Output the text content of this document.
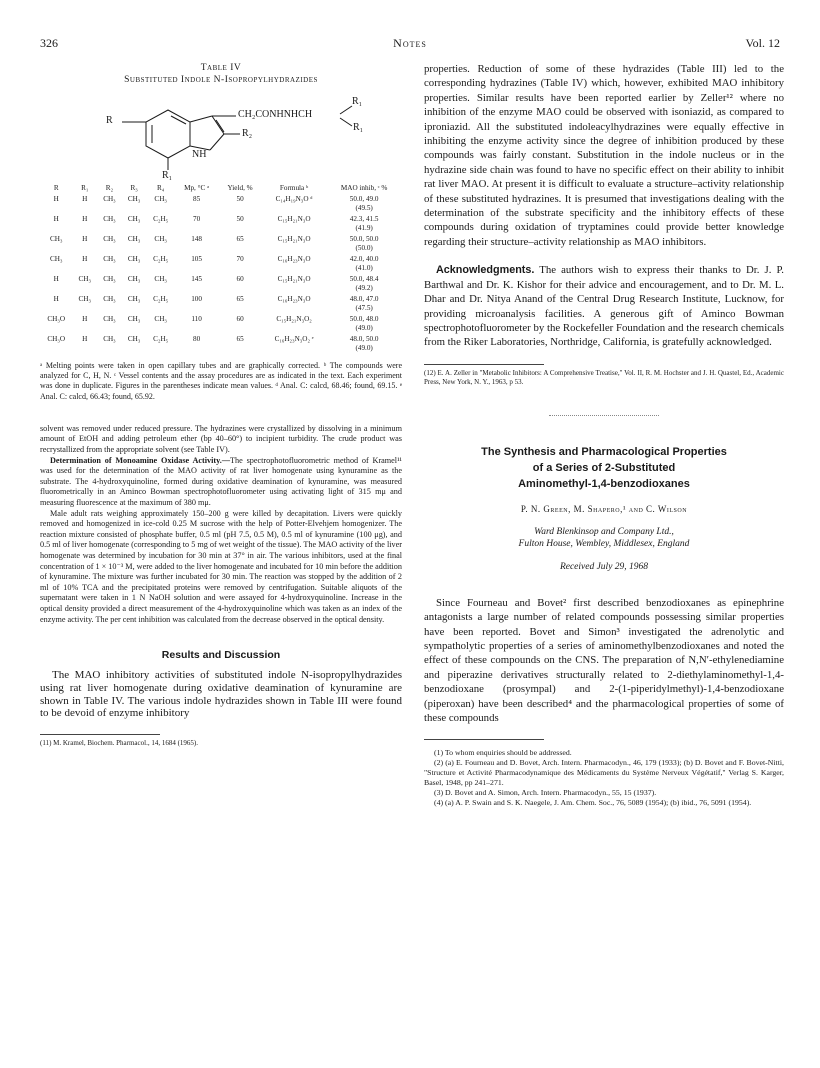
326	Notes	Vol. 12
Table IV
Substituted Indole N-Isopropylhydrazides
R
CH₂CONHNHCH
R₁
R₁
R₂
NH
R₁
R	R₁	R₂	R₃	R₄	Mp, °C ᵃ	Yield, %	Formula ᵇ	MAO inhib, ᶜ %
H	H	CH₃	CH₃	CH₃	85	50	C₁₄H₁₉N₃O ᵈ	50.0, 49.0
(49.5)

H	H	CH₃	CH₃	C₂H₅	70	50	C₁₅H₂₁N₃O	42.3, 41.5
(41.9)

CH₃	H	CH₃	CH₃	CH₃	148	65	C₁₅H₂₁N₃O	50.0, 50.0
(50.0)

CH₃	H	CH₃	CH₃	C₂H₅	105	70	C₁₆H₂₃N₃O	42.0, 40.0
(41.0)

H	CH₃	CH₃	CH₃	CH₃	145	60	C₁₅H₂₁N₃O	50.0, 48.4
(49.2)

H	CH₃	CH₃	CH₃	C₂H₅	100	65	C₁₆H₂₃N₃O	48.0, 47.0
(47.5)

CH₃O	H	CH₃	CH₃	CH₃	110	60	C₁₅H₂₁N₃O₂	50.0, 48.0
(49.0)

CH₃O	H	CH₃	CH₃	C₂H₅	80	65	C₁₆H₂₃N₃O₂ ᵉ	48.0, 50.0
(49.0)
ᵃ Melting points were taken in open capillary tubes and are graphically corrected. ᵇ The compounds were analyzed for C, H, N. ᶜ Vessel contents and the assay procedures are as indicated in the text. Each experiment was done in duplicate. Figures in the parentheses indicate mean values. ᵈ Anal. C: calcd, 68.46; found, 69.15. ᵉ Anal. C: calcd, 66.43; found, 65.92.

solvent was removed under reduced pressure. The hydrazines were crystallized by dissolving in a minimum amount of EtOH and adding petroleum ether (bp 40–60°) to incipient turbidity. The crude product was recrystallized from the appropriate solvent (see Table IV).

Determination of Monoamine Oxidase Activity.—The spectrophotofluorometric method of Kramel¹¹ was used for the determination of the MAO activity of rat liver homogenate using kynuramine as the substrate. The 4-hydroxyquinoline, formed during oxidative deamination of kynuramine, was measured fluorometrically in an Aminco Bowman spectrophotofluorometer using activating light of 315 mμ and measuring fluorescence at the maximum of 380 mμ.

Male adult rats weighing approximately 150–200 g were killed by decapitation. Livers were quickly removed and homogenized in ice-cold 0.25 M sucrose with the help of Potter-Elvehjem homogenizer. The reaction mixture consisted of phosphate buffer, 0.5 ml (pH 7.5, 0.5 M), 0.5 ml of kynuramine (100 μg), and 0.5 ml of liver homogenate (corresponding to 5 mg of wet weight of the tissue). The MAO activity of the liver homogenate was determined by incubation for 30 min at 37° in air. The various inhibitors, used at the final concentration of 1 × 10⁻³ M, were added to the liver homogenate and incubated for 10 min before the addition of kynuramine. The mixture was further incubated for 30 min. The reaction was stopped by the addition of 2 ml of 10% TCA and the precipitated proteins were removed by centrifugation. Suitable aliquots of the supernatant were taken in 1 N NaOH solution and were assayed for 4-hydroxyquinoline. Increase in the optical density provided a direct measurement of the 4-hydroxyquinoline which was taken as an index of the enzyme activity. The per cent inhibition was calculated from the decrease observed in the optical density.

Results and Discussion

The MAO inhibitory activities of substituted indole N-isopropylhydrazides using rat liver homogenate during oxidative deamination of kynuramine are shown in Table IV. The various indole hydrazides shown in Table III were found to be devoid of enzyme inhibitory

(11) M. Kramel, Biochem. Pharmacol., 14, 1684 (1965).

properties. Reduction of some of these hydrazides (Table III) led to the corresponding hydrazines (Table IV) which, however, exhibited MAO inhibitory properties. Similar results have been reported earlier by Zeller¹² where no inhibition of the enzyme MAO could be observed with isoniazid, as compared to iproniazid. All the substituted indoleacylhydrazines were equally effective in inhibiting the enzyme activity since the degree of inhibition produced by these compounds was fairly constant. Substitution in the indole nucleus or in the hydrazine side chain was found to have no specific effect on their ability to inhibit rat liver MAO. At present it is difficult to evaluate a structure–activity relationship of these substituted hydrazines. It is presumed that investigations dealing with the determination of the substrate specificity and the inhibitory effects of these compounds during oxidation of tryptamines could provide better knowledge regarding their structure–activity relationship as MAO inhibitors.

Acknowledgments. The authors wish to express their thanks to Dr. J. P. Barthwal and Dr. K. Kishor for their advice and encouragement, and to Dr. M. L. Dhar and Dr. Nitya Anand of the Central Drug Research Institute, Lucknow, for providing microanalysis facilities. A generous gift of Aminco Bowman spectrophotofluorometer by the Rockefeller Foundation and the research chemicals from the Riker Laboratories, Northridge, California, is gratefully acknowledged.

(12) E. A. Zeller in "Metabolic Inhibitors: A Comprehensive Treatise," Vol. II, R. M. Hochster and J. H. Quastel, Ed., Academic Press, New York, N. Y., 1963, p 53.
The Synthesis and Pharmacological Properties
of a Series of 2-Substituted
Aminomethyl-1,4-benzodioxanes
P. N. Green, M. Shapero,¹ and C. Wilson
Ward Blenkinsop and Company Ltd.,
Fulton House, Wembley, Middlesex, England
Received July 29, 1968

Since Fourneau and Bovet² first described benzodioxanes as epinephrine antagonists a large number of related compounds possessing similar properties have been reported. Bovet and Simon³ investigated the adrenolytic and sympatholytic properties of a series of aminomethylbenzodioxanes and noted the effect of these compounds on the CNS. The preparation of N,N′-ethylenediamine and piperazine derivatives structurally related to 2-diethylaminomethyl-1,4-benzodioxane (prosympal) and 2-(1-piperidylmethyl)-1,4-benzodioxane (piperoxan) have been described⁴ and the pharmacological properties of some of these compounds

(1) To whom enquiries should be addressed.

(2) (a) E. Fourneau and D. Bovet, Arch. Intern. Pharmacodyn., 46, 179 (1933); (b) D. Bovet and F. Bovet-Nitti, "Structure et Activité Pharmacodynamique des Médicaments du Système Nerveux Végétatif," Verlag S. Karger, Basel, 1948, pp 241–271.

(3) D. Bovet and A. Simon, Arch. Intern. Pharmacodyn., 55, 15 (1937).

(4) (a) A. P. Swain and S. K. Naegele, J. Am. Chem. Soc., 76, 5089 (1954); (b) ibid., 76, 5091 (1954).
